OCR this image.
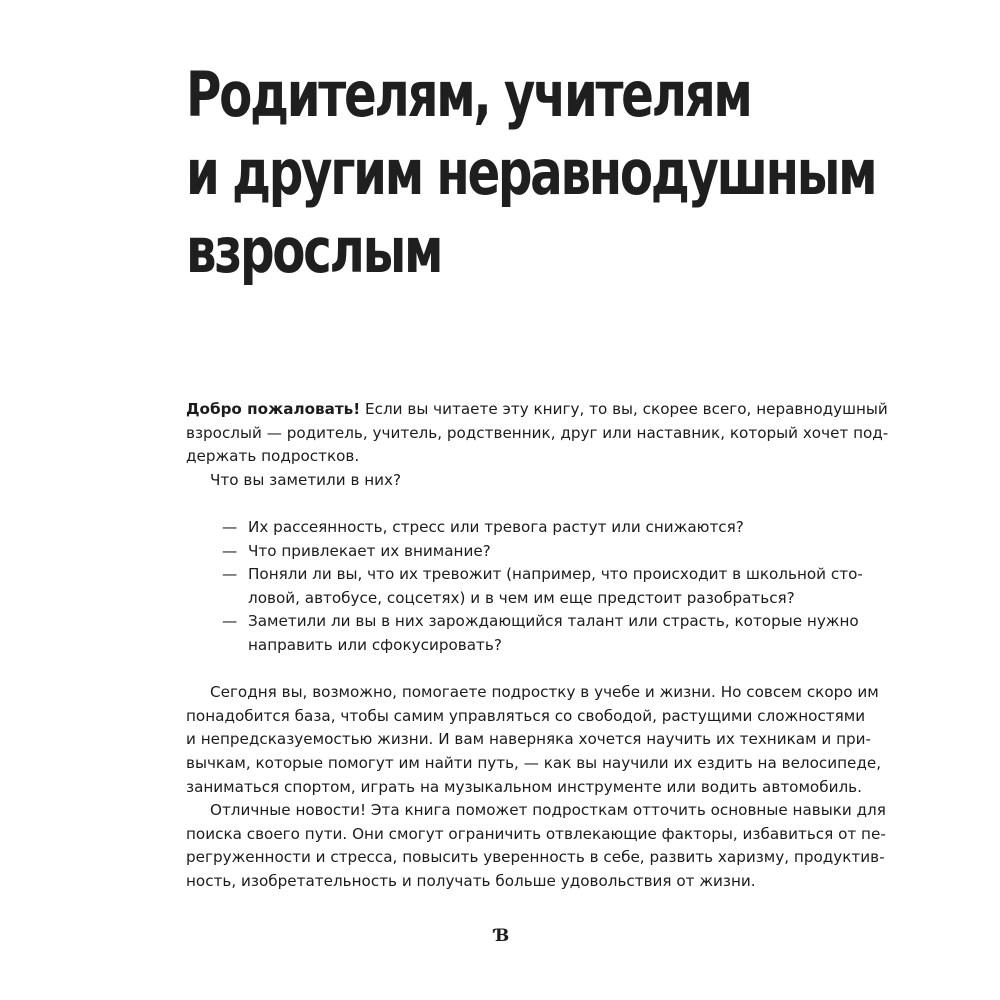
Родителям, учителям
и другим неравнодушным
взрослым
Добро пожаловать! Если вы читаете эту книгу, то вы, скорее всего, неравнодушный
взрослый — родитель, учитель, родственник, друг или наставник, который хочет под-
держать подростков.
Что вы заметили в них?
— Их рассеянность, стресс или тревога растут или снижаются?
— Что привлекает их внимание?
— Поняли ли вы, что их тревожит (например, что происходит в школьной сто-
ловой, автобусе, соцсетях) и в чем им еще предстоит разобраться?
— Заметили ли вы в них зарождающийся талант или страсть, которые нужно
направить или сфокусировать?
Сегодня вы, возможно, помогаете подростку в учебе и жизни. Но совсем скоро им
понадобится база, чтобы самим управляться со свободой, растущими сложностями
и непредсказуемостью жизни. И вам наверняка хочется научить их техникам и при-
вычкам, которые помогут им найти путь, — как вы научили их ездить на велосипеде,
заниматься спортом, играть на музыкальном инструменте или водить автомобиль.
Отличные новости! Эта книга поможет подросткам отточить основные навыки для
поиска своего пути. Они смогут ограничить отвлекающие факторы, избавиться от пе-
регруженности и стресса, повысить уверенность в себе, развить харизму, продуктив-
ность, изобретательность и получать больше удовольствия от жизни.
Ɓ
